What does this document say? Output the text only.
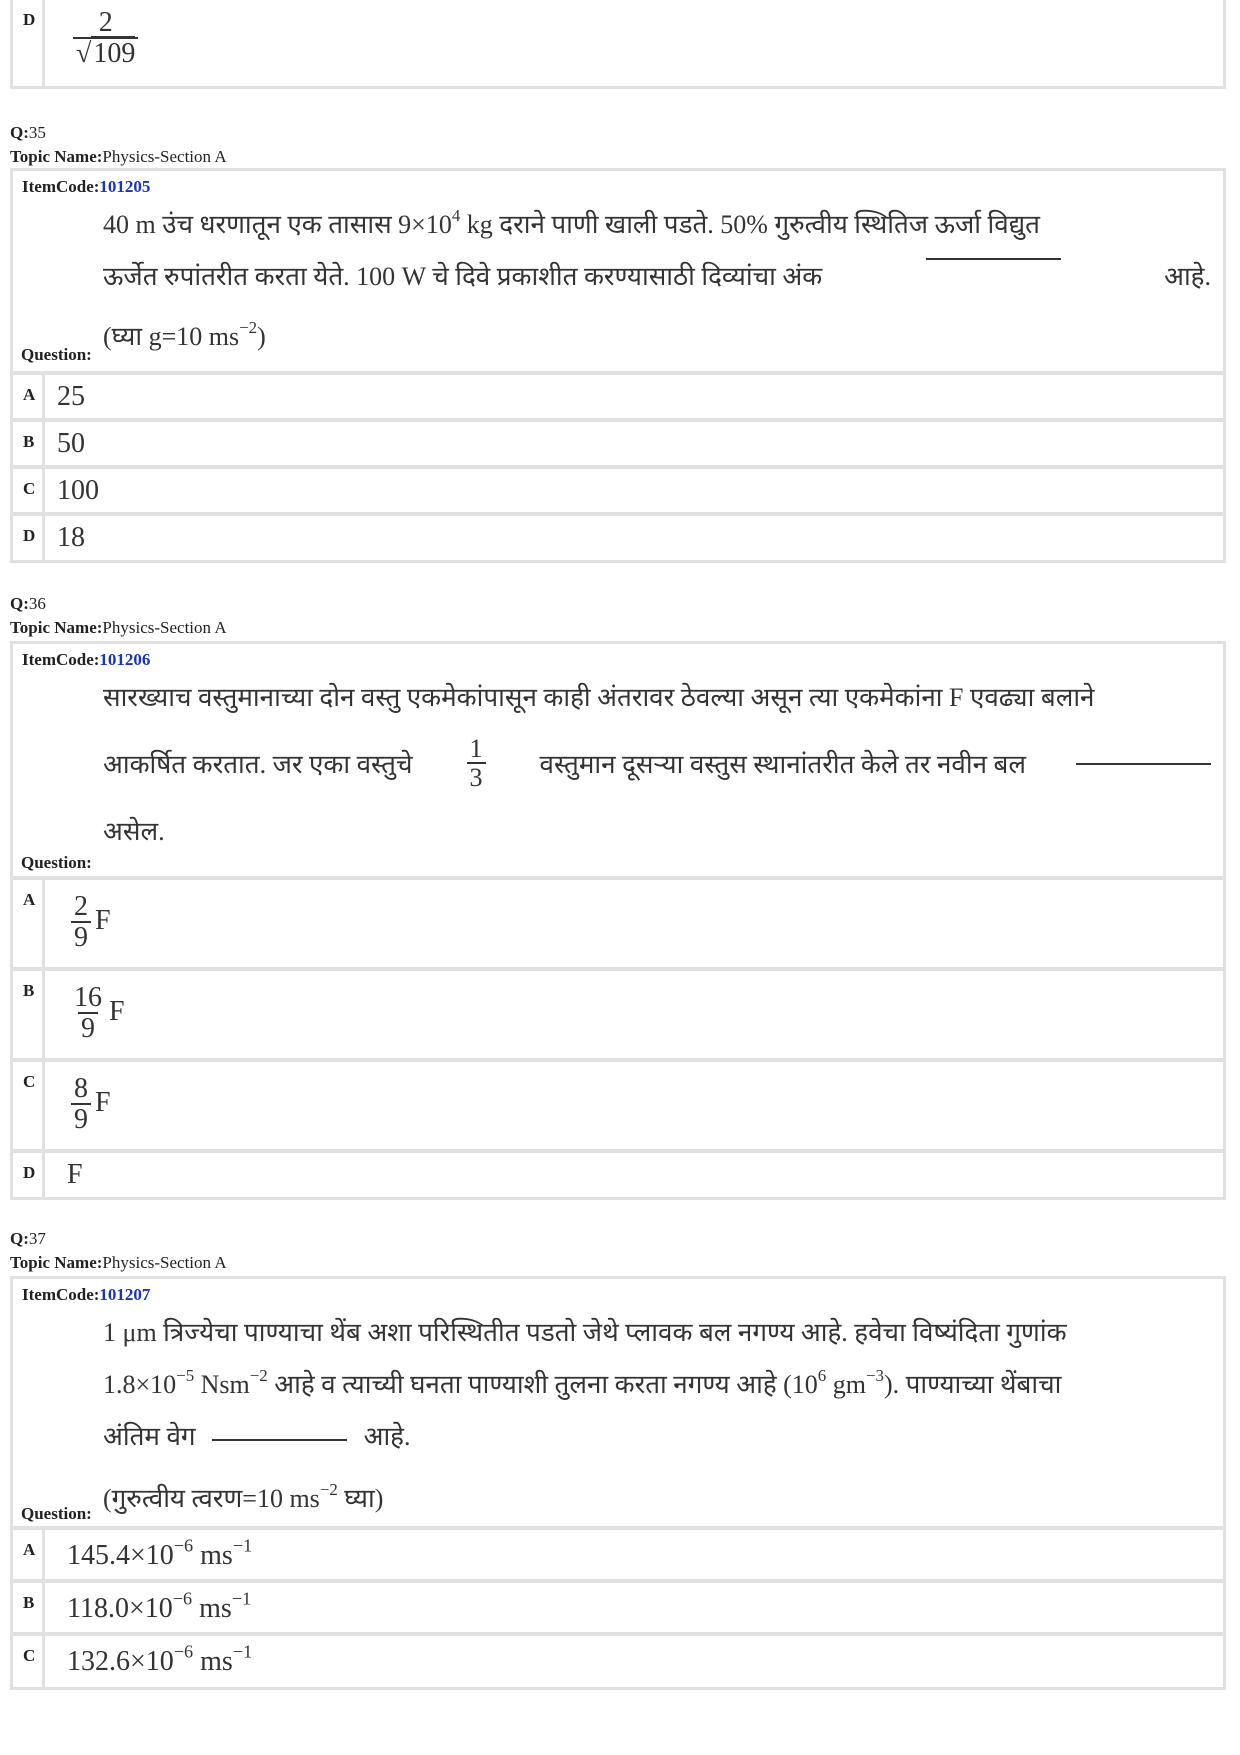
D $\frac{2}{√109}$
Q:35
Topic Name:Physics-Section A
ItemCode:101205
40 m उंच धरणातून एक तासास $9\times 10^4$ kg दराने पाणी खाली पडते. 50% गुरुत्वीय स्थितिज ऊर्जा विद्युत
ऊर्जेत रुपांतरीत करता येते. 100 W चे दिवे प्रकाशीत करण्यासाठी दिव्यांचा अंक	आहे.
(घ्या g=10 $ms^{-2}$)
Question:
A 25
B 50
C 100
D 18
Q:36
Topic Name:Physics-Section A
ItemCode:101206
सारख्याच वस्तुमानाच्या दोन वस्तु एकमेकांपासून काही अंतरावर ठेवल्या असून त्या एकमेकांना F एवढ्या बलाने
आकर्षित करतात. जर एका वस्तुचे $\frac{1}{3}$ वस्तुमान दूसऱ्या वस्तुस स्थानांतरीत केले तर नवीन बल
असेल.
Question:
A $\frac{2}{9}$ F
B $\frac{16}{9}$ F
C $\frac{8}{9}$ F
D F
Q:37
Topic Name:Physics-Section A
ItemCode:101207
1 μm त्रिज्येचा पाण्याचा थेंब अशा परिस्थितीत पडतो जेथे प्लावक बल नगण्य आहे. हवेचा विष्यंदिता गुणांक
$1.8\times 10^{-5}$ Nsm$^{-2}$ आहे व त्याच्यी घनता पाण्याशी तुलना करता नगण्य आहे ($10^6$ $gm^{-3}$). पाण्याच्या थेंबाचा
अंतिम वेग	आहे.
(गुरुत्वीय त्वरण=10 $ms^{-2}$ घ्या)
Question:
A $145.4\times 10^{-6}$ $ms^{-1}$
B $118.0\times 10^{-6}$ $ms^{-1}$
C $132.6\times 10^{-6}$ $ms^{-1}$
